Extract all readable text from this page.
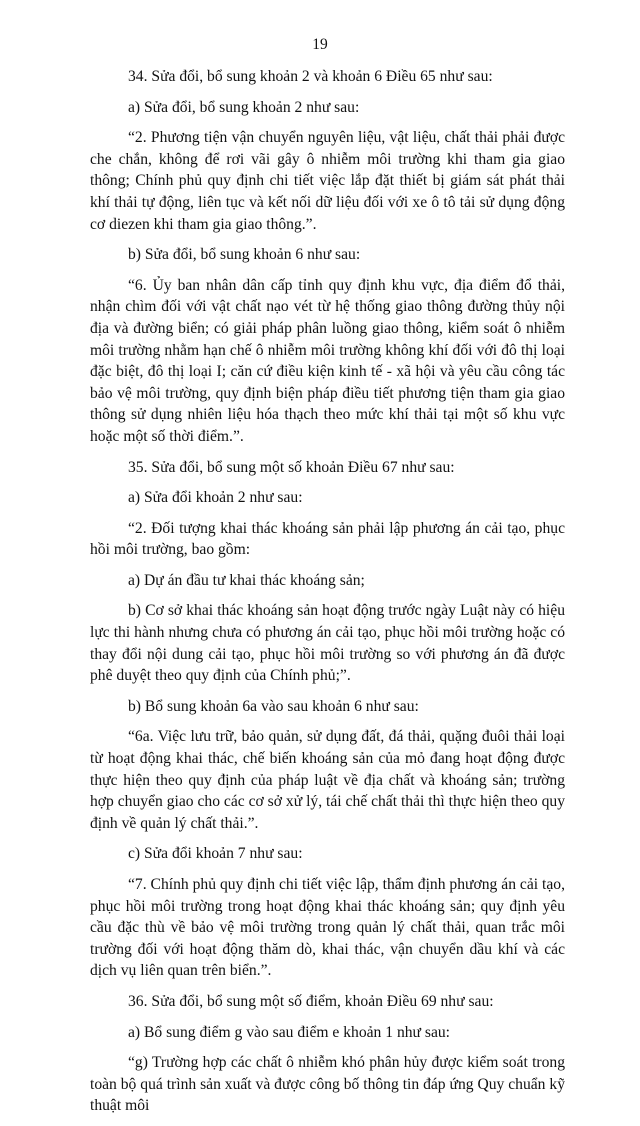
19

34. Sửa đổi, bổ sung khoản 2 và khoản 6 Điều 65 như sau:

a) Sửa đổi, bổ sung khoản 2 như sau:

“2. Phương tiện vận chuyển nguyên liệu, vật liệu, chất thải phải được che chắn, không để rơi vãi gây ô nhiễm môi trường khi tham gia giao thông; Chính phủ quy định chi tiết việc lắp đặt thiết bị giám sát phát thải khí thải tự động, liên tục và kết nối dữ liệu đối với xe ô tô tải sử dụng động cơ diezen khi tham gia giao thông.”.

b) Sửa đổi, bổ sung khoản 6 như sau:

“6. Ủy ban nhân dân cấp tỉnh quy định khu vực, địa điểm đổ thải, nhận chìm đối với vật chất nạo vét từ hệ thống giao thông đường thủy nội địa và đường biển; có giải pháp phân luồng giao thông, kiểm soát ô nhiễm môi trường nhằm hạn chế ô nhiễm môi trường không khí đối với đô thị loại đặc biệt, đô thị loại I; căn cứ điều kiện kinh tế - xã hội và yêu cầu công tác bảo vệ môi trường, quy định biện pháp điều tiết phương tiện tham gia giao thông sử dụng nhiên liệu hóa thạch theo mức khí thải tại một số khu vực hoặc một số thời điểm.”.

35. Sửa đổi, bổ sung một số khoản Điều 67 như sau:

a) Sửa đổi khoản 2 như sau:

“2. Đối tượng khai thác khoáng sản phải lập phương án cải tạo, phục hồi môi trường, bao gồm:

a) Dự án đầu tư khai thác khoáng sản;

b) Cơ sở khai thác khoáng sản hoạt động trước ngày Luật này có hiệu lực thi hành nhưng chưa có phương án cải tạo, phục hồi môi trường hoặc có thay đổi nội dung cải tạo, phục hồi môi trường so với phương án đã được phê duyệt theo quy định của Chính phủ;”.

b) Bổ sung khoản 6a vào sau khoản 6 như sau:

“6a. Việc lưu trữ, bảo quản, sử dụng đất, đá thải, quặng đuôi thải loại từ hoạt động khai thác, chế biến khoáng sản của mỏ đang hoạt động được thực hiện theo quy định của pháp luật về địa chất và khoáng sản; trường hợp chuyển giao cho các cơ sở xử lý, tái chế chất thải thì thực hiện theo quy định về quản lý chất thải.”.

c) Sửa đổi khoản 7 như sau:

“7. Chính phủ quy định chi tiết việc lập, thẩm định phương án cải tạo, phục hồi môi trường trong hoạt động khai thác khoáng sản; quy định yêu cầu đặc thù về bảo vệ môi trường trong quản lý chất thải, quan trắc môi trường đối với hoạt động thăm dò, khai thác, vận chuyển dầu khí và các dịch vụ liên quan trên biển.”.

36. Sửa đổi, bổ sung một số điểm, khoản Điều 69 như sau:

a) Bổ sung điểm g vào sau điểm e khoản 1 như sau:

“g) Trường hợp các chất ô nhiễm khó phân hủy được kiểm soát trong toàn bộ quá trình sản xuất và được công bố thông tin đáp ứng Quy chuẩn kỹ thuật môi
